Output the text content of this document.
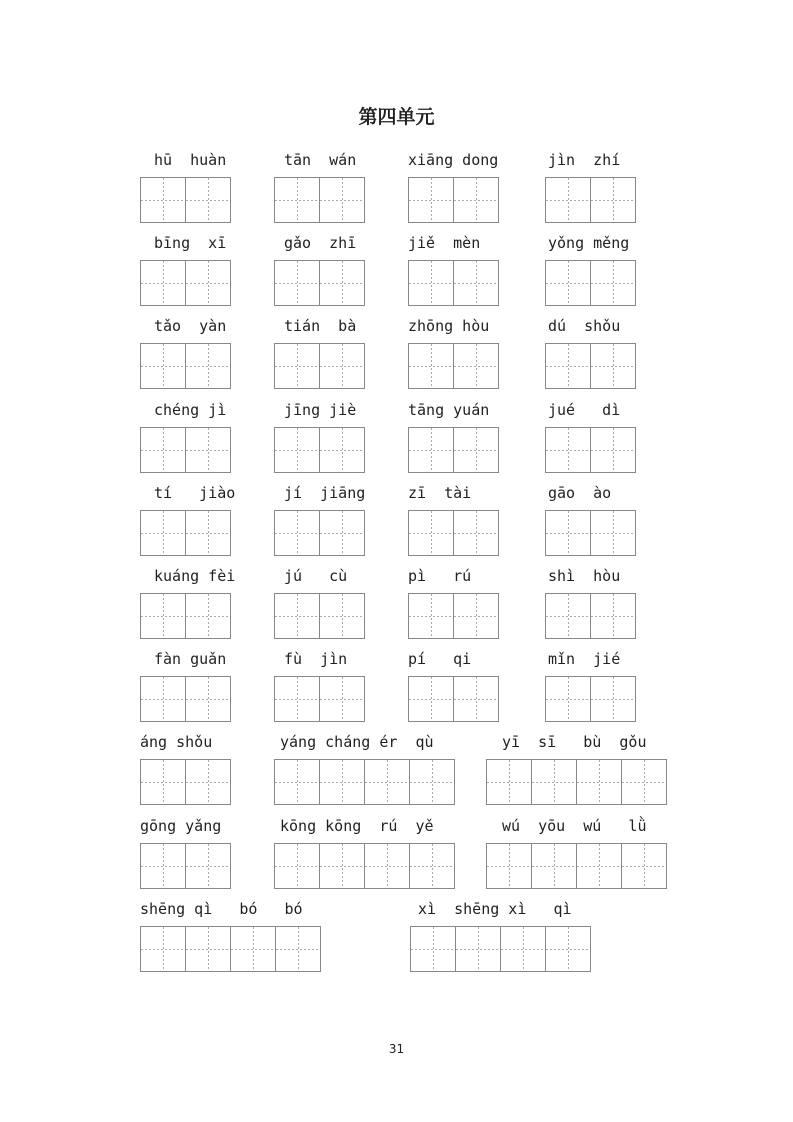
第四单元
hū  huàn	tān  wán	xiāng dong	jìn  zhí
bīng  xī	gǎo  zhī	jiě  mèn	yǒng měng
tǎo  yàn	tián  bà	zhōng hòu	dú  shǒu
chéng jì	jīng jiè	tāng yuán	jué   dì
tí   jiào	jí  jiāng	zī  tài	gāo  ào
kuáng fèi	jú   cù	pì   rú	shì  hòu
fàn guǎn	fù  jìn	pí   qi	mǐn  jié
áng shǒu	yáng cháng ér  qù	yī  sī   bù  gǒu
gōng yǎng	kōng kōng  rú  yě	wú  yōu  wú   lǜ
shēng qì   bó   bó	xì  shēng xì   qì
31
